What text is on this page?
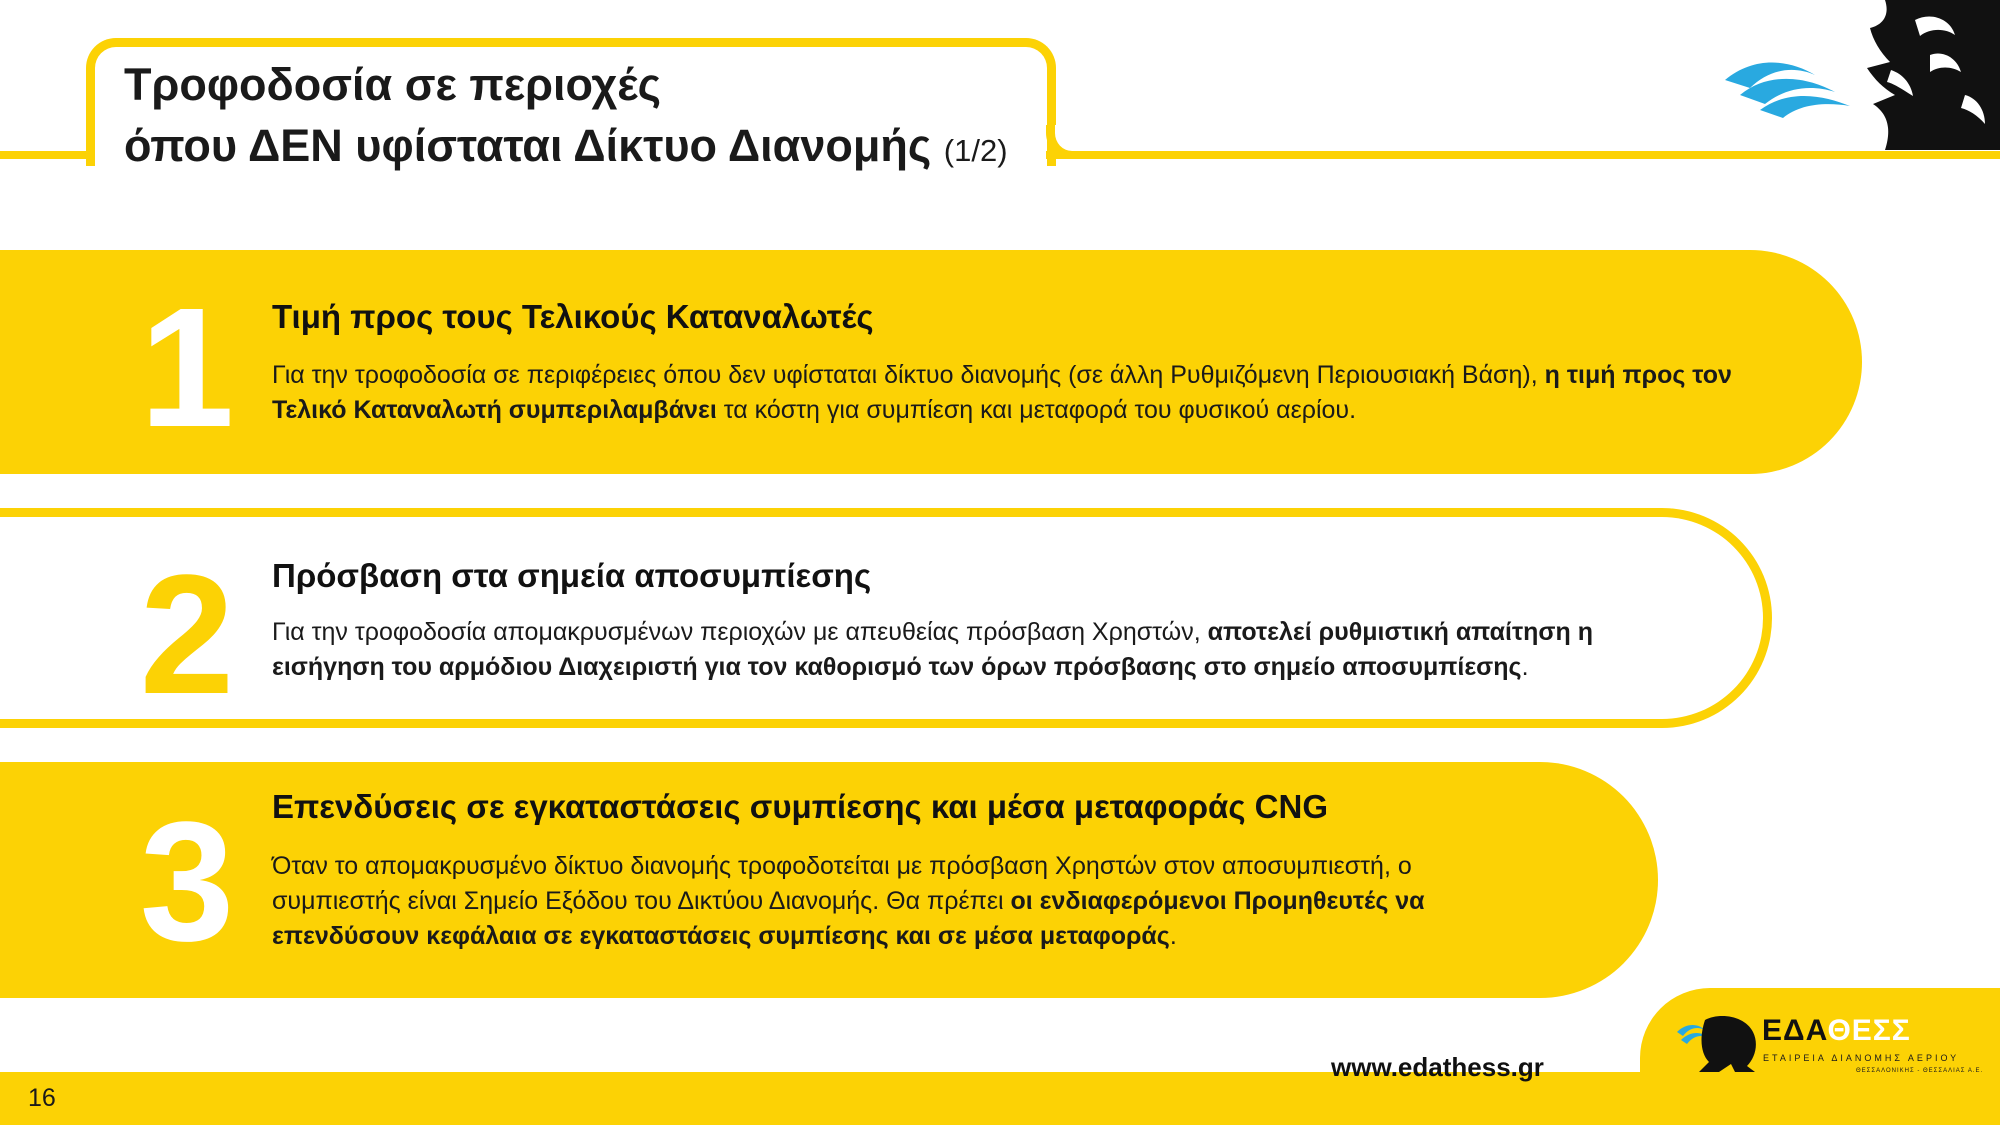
Τροφοδοσία σε περιοχές
όπου ΔΕΝ υφίσταται Δίκτυο Διανομής (1/2)
1 Τιμή προς τους Τελικούς Καταναλωτές

Για την τροφοδοσία σε περιφέρειες όπου δεν υφίσταται δίκτυο διανομής (σε άλλη Ρυθμιζόμενη Περιουσιακή Βάση), η τιμή προς τον Τελικό Καταναλωτή συμπεριλαμβάνει τα κόστη για συμπίεση και μεταφορά του φυσικού αερίου.

2 Πρόσβαση στα σημεία αποσυμπίεσης

Για την τροφοδοσία απομακρυσμένων περιοχών με απευθείας πρόσβαση Χρηστών, αποτελεί ρυθμιστική απαίτηση η εισήγηση του αρμόδιου Διαχειριστή για τον καθορισμό των όρων πρόσβασης στο σημείο αποσυμπίεσης.

3 Επενδύσεις σε εγκαταστάσεις συμπίεσης και μέσα μεταφοράς CNG

Όταν το απομακρυσμένο δίκτυο διανομής τροφοδοτείται με πρόσβαση Χρηστών στον αποσυμπιεστή, ο συμπιεστής είναι Σημείο Εξόδου του Δικτύου Διανομής. Θα πρέπει οι ενδιαφερόμενοι Προμηθευτές να επενδύσουν κεφάλαια σε εγκαταστάσεις συμπίεσης και σε μέσα μεταφοράς.

16
www.edathess.gr
ΕΔΑΘΕΣΣ
ΕΤΑΙΡΕΙΑ ΔΙΑΝΟΜΗΣ ΑΕΡΙΟΥ
ΘΕΣΣΑΛΟΝΙΚΗΣ - ΘΕΣΣΑΛΙΑΣ Α.Ε.
